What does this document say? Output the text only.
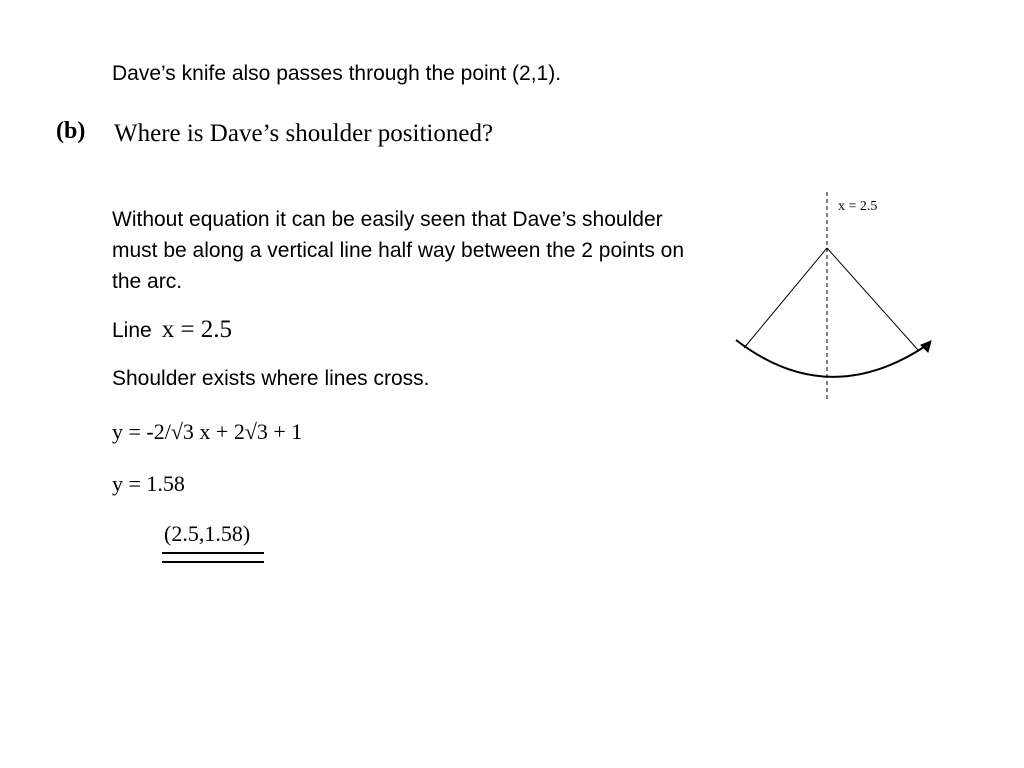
Dave’s knife also passes through the point (2,1).
(b) Where is Dave’s shoulder positioned?
Without equation it can be easily seen that Dave’s shoulder must be along a vertical line half way between the 2 points on the arc.
Line x = 2.5
Shoulder exists where lines cross.
y = -2/√3 x + 2√3 + 1
y = 1.58
(2.5,1.58)
x = 2.5
